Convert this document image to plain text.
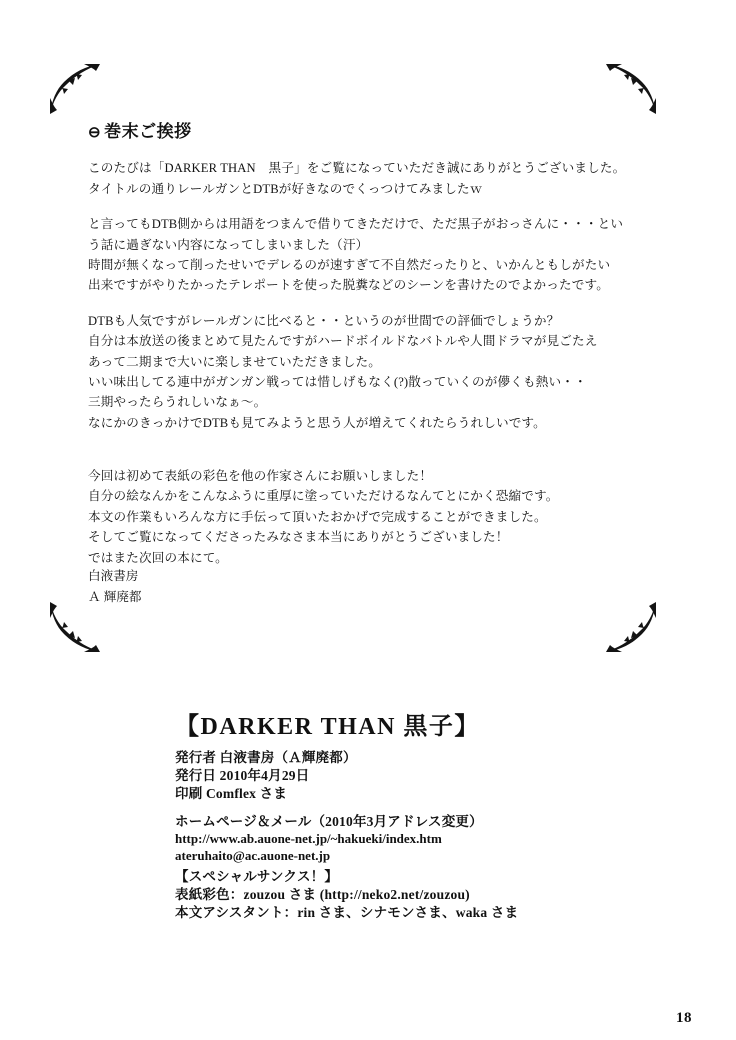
⊖ 巻末ご挨拶

このたびは「DARKER THAN　黒子」をご覧になっていただき誠にありがとうございました。
タイトルの通りレールガンとDTBが好きなのでくっつけてみましたｗ

と言ってもDTB側からは用語をつまんで借りてきただけで、ただ黒子がおっさんに・・・とい
う話に過ぎない内容になってしまいました（汗）
時間が無くなって削ったせいでデレるのが速すぎて不自然だったりと、いかんともしがたい
出来ですがやりたかったテレポートを使った脱糞などのシーンを書けたのでよかったです。

DTBも人気ですがレールガンに比べると・・というのが世間での評価でしょうか？
自分は本放送の後まとめて見たんですがハードボイルドなバトルや人間ドラマが見ごたえ
あって二期まで大いに楽しませていただきました。
いい味出してる連中がガンガン戦っては惜しげもなく(?)散っていくのが儚くも熱い・・
三期やったらうれしいなぁ～。
なにかのきっかけでDTBも見てみようと思う人が増えてくれたらうれしいです。

今回は初めて表紙の彩色を他の作家さんにお願いしました！
自分の絵なんかをこんなふうに重厚に塗っていただけるなんてとにかく恐縮です。
本文の作業もいろんな方に手伝って頂いたおかげで完成することができました。
そしてご覧になってくださったみなさま本当にありがとうございました！
ではまた次回の本にて。

白液書房
Ａ 輝廃都
【DARKER THAN 黒子】
発行者 白液書房（Ａ輝廃都）
発行日 2010年4月29日
印刷 Comflex さま
ホームページ＆メール（2010年3月アドレス変更）
http://www.ab.auone-net.jp/~hakueki/index.htm
ateruhaito@ac.auone-net.jp
【スペシャルサンクス！】
表紙彩色：zouzou さま (http://neko2.net/zouzou)
本文アシスタント：rin さま、シナモンさま、waka さま
18
